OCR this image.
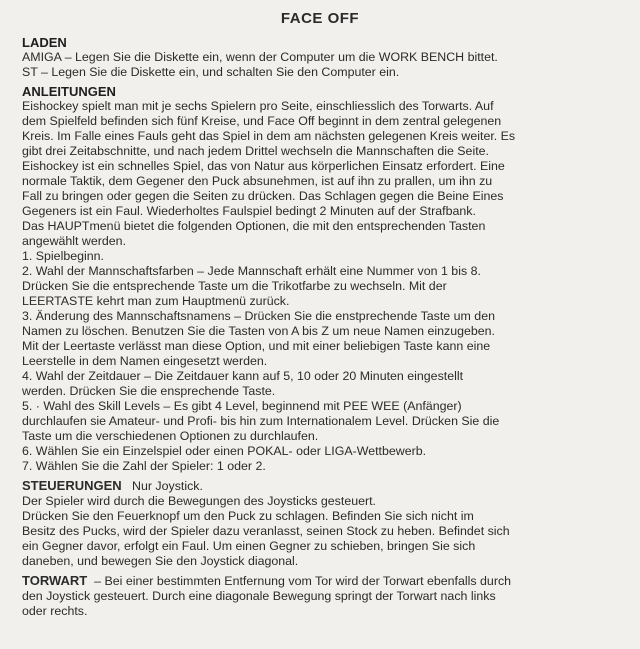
FACE OFF
LADEN

AMIGA – Legen Sie die Diskette ein, wenn der Computer um die WORK BENCH bittet.

ST – Legen Sie die Diskette ein, und schalten Sie den Computer ein.

ANLEITUNGEN

Eishockey spielt man mit je sechs Spielern pro Seite, einschliesslich des Torwarts. Auf

dem Spielfeld befinden sich fünf Kreise, und Face Off beginnt in dem zentral gelegenen

Kreis. Im Falle eines Fauls geht das Spiel in dem am nächsten gelegenen Kreis weiter. Es

gibt drei Zeitabschnitte, und nach jedem Drittel wechseln die Mannschaften die Seite.

Eishockey ist ein schnelles Spiel, das von Natur aus körperlichen Einsatz erfordert. Eine

normale Taktik, dem Gegener den Puck absunehmen, ist auf ihn zu prallen, um ihn zu

Fall zu bringen oder gegen die Seiten zu drücken. Das Schlagen gegen die Beine Eines

Gegeners ist ein Faul. Wiederholtes Faulspiel bedingt 2 Minuten auf der Strafbank.

Das HAUPTmenü bietet die folgenden Optionen, die mit den entsprechenden Tasten

angewählt werden.

1. Spielbeginn.

2. Wahl der Mannschaftsfarben – Jede Mannschaft erhält eine Nummer von 1 bis 8.

Drücken Sie die entsprechende Taste um die Trikotfarbe zu wechseln. Mit der

LEERTASTE kehrt man zum Hauptmenü zurück.

3. Änderung des Mannschaftsnamens – Drücken Sie die enstprechende Taste um den

Namen zu löschen. Benutzen Sie die Tasten von A bis Z um neue Namen einzugeben.

Mit der Leertaste verlässt man diese Option, und mit einer beliebigen Taste kann eine

Leerstelle in dem Namen eingesetzt werden.

4. Wahl der Zeitdauer – Die Zeitdauer kann auf 5, 10 oder 20 Minuten eingestellt

werden. Drücken Sie die ensprechende Taste.

5. · Wahl des Skill Levels – Es gibt 4 Level, beginnend mit PEE WEE (Anfänger)

durchlaufen sie Amateur- und Profi- bis hin zum Internationalem Level. Drücken Sie die

Taste um die verschiedenen Optionen zu durchlaufen.

6. Wählen Sie ein Einzelspiel oder einen POKAL- oder LIGA-Wettbewerb.

7. Wählen Sie die Zahl der Spieler: 1 oder 2.

STEUERUNGEN Nur Joystick.

Der Spieler wird durch die Bewegungen des Joysticks gesteuert.

Drücken Sie den Feuerknopf um den Puck zu schlagen. Befinden Sie sich nicht im

Besitz des Pucks, wird der Spieler dazu veranlasst, seinen Stock zu heben. Befindet sich

ein Gegner davor, erfolgt ein Faul. Um einen Gegner zu schieben, bringen Sie sich

daneben, und bewegen Sie den Joystick diagonal.

TORWART – Bei einer bestimmten Entfernung vom Tor wird der Torwart ebenfalls durch

den Joystick gesteuert. Durch eine diagonale Bewegung springt der Torwart nach links

oder rechts.
